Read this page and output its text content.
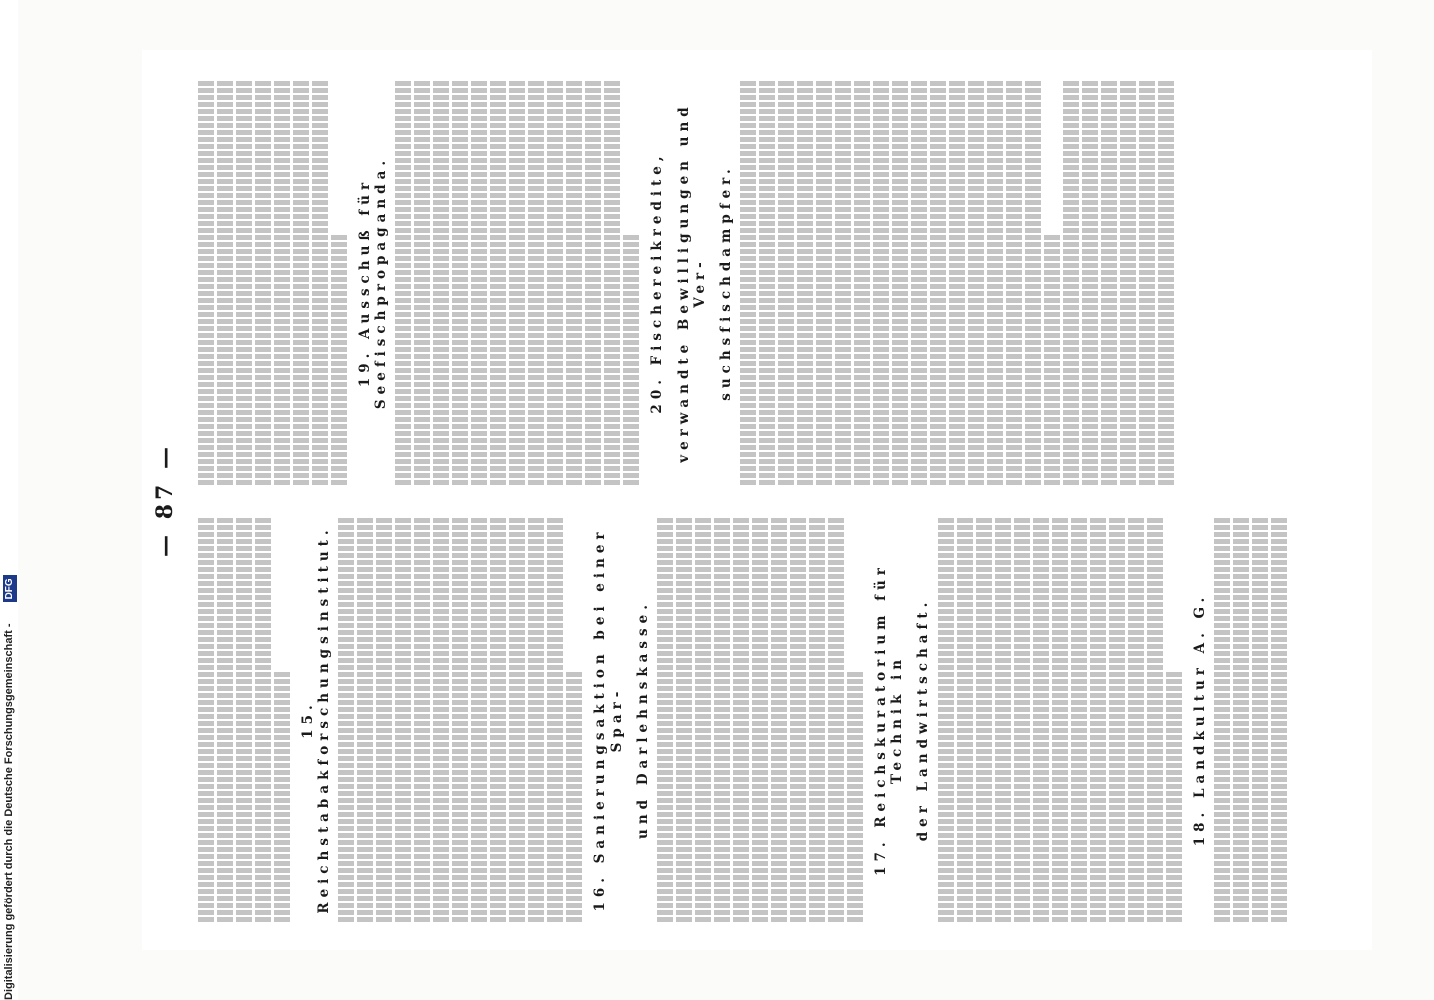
— 87 —
15. Reichstabakforschungsinstitut.	16. Sanierungsaktion bei einer Spar- und Darlehnskasse.	17. Reichskuratorium für Technik in der Landwirtschaft.	18. Landkultur A. G.
19. Ausschuß für Seefischpropaganda.	20. Fischereikredite, verwandte Bewilligungen und Ver- suchsfischdampfer.
Digitalisierung gefördert durch die Deutsche Forschungsgemeinschaft - DFG
